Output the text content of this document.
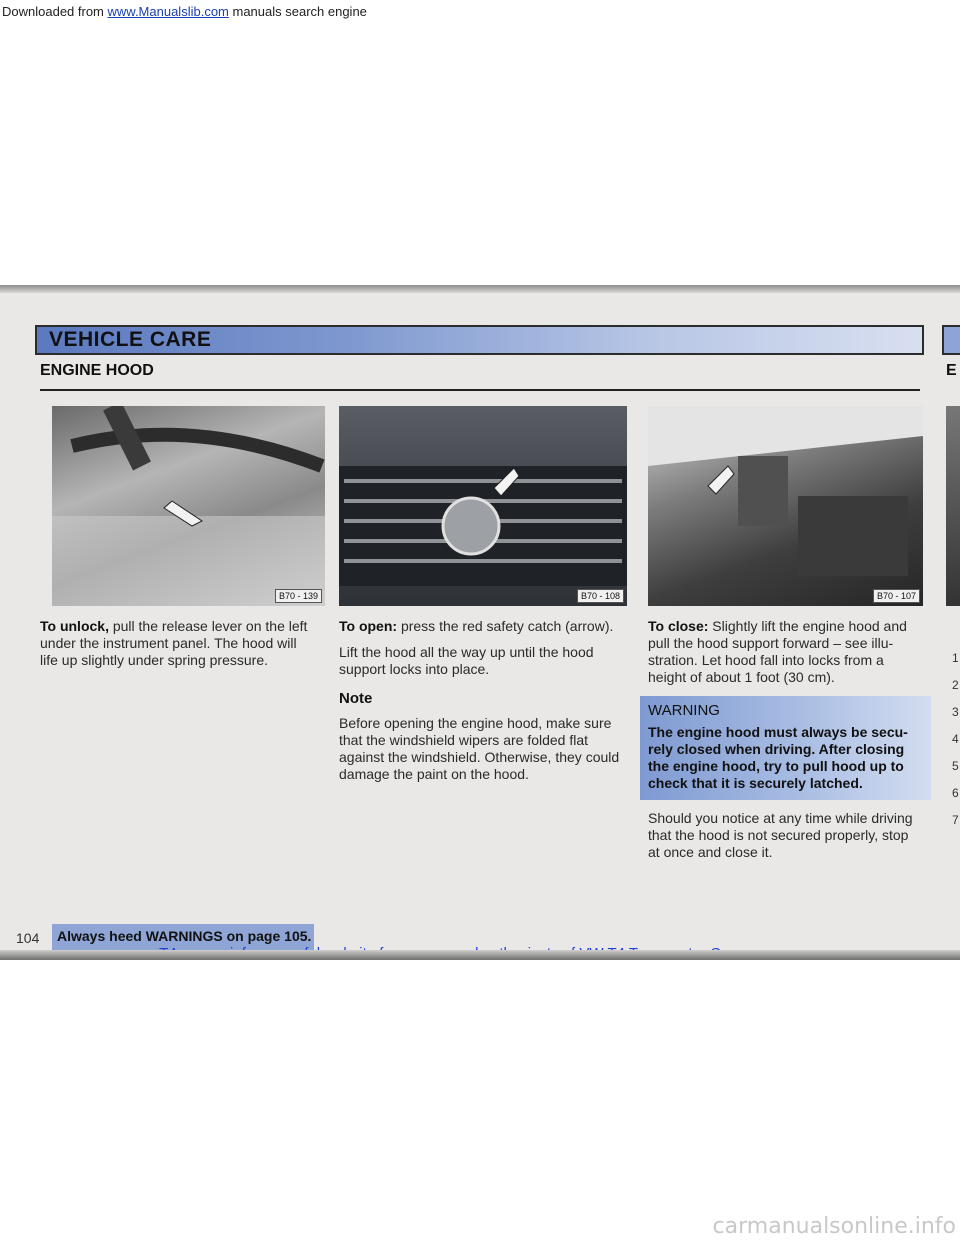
Downloaded from www.Manualslib.com manuals search engine
VEHICLE CARE
ENGINE HOOD	E
B70 - 139	B70 - 108	B70 - 107

To unlock, pull the release lever on the left under the instrument panel. The hood will life up slightly under spring pressure.

To open: press the red safety catch (arrow).

Lift the hood all the way up until the hood support locks into place.

Note

Before opening the engine hood, make sure that the windshield wipers are folded flat against the windshield. Otherwise, they could damage the paint on the hood.

To close: Slightly lift the engine hood and pull the hood support forward – see illu-stration. Let hood fall into locks from a height of about 1 foot (30 cm).

WARNING
The engine hood must always be secu-rely closed when driving. After closing the engine hood, try to pull hood up to check that it is securely latched.

Should you notice at any time while driving that the hood is not secured properly, stop at once and close it.

1
2
3
4
5
6
7
104 Always heed WARNINGS on page 105.
carmanualsonline.info
